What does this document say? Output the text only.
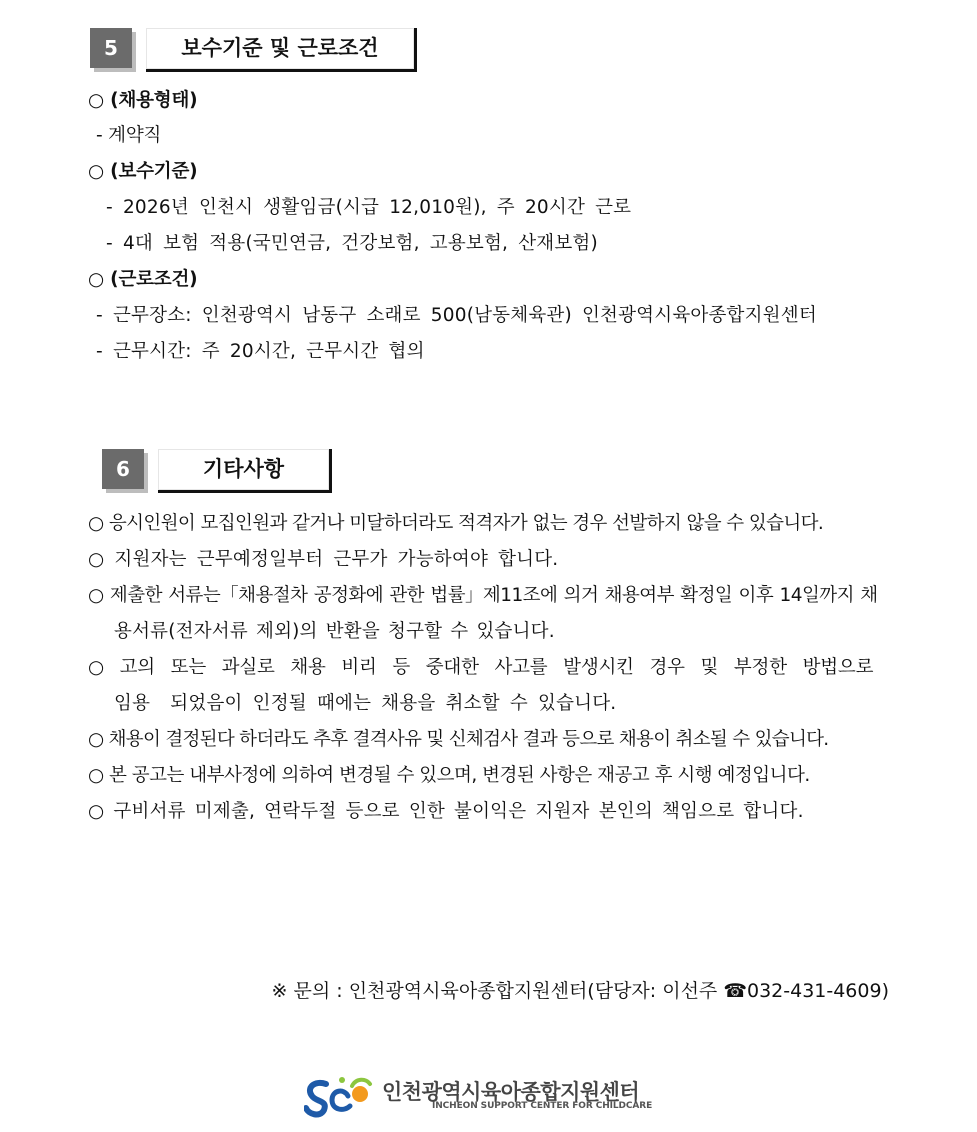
5	보수기준 및 근로조건
○ (채용형태)
- 계약직
○ (보수기준)
- 2026년 인천시 생활임금(시급 12,010원), 주 20시간 근로
- 4대 보험 적용(국민연금, 건강보험, 고용보험, 산재보험)
○ (근로조건)
- 근무장소: 인천광역시 남동구 소래로 500(남동체육관) 인천광역시육아종합지원센터
- 근무시간: 주 20시간, 근무시간 협의
6	기타사항
○ 응시인원이 모집인원과 같거나 미달하더라도 적격자가 없는 경우 선발하지 않을 수 있습니다.
○ 지원자는 근무예정일부터 근무가 가능하여야 합니다.
○ 제출한 서류는「채용절차 공정화에 관한 법률」제11조에 의거 채용여부 확정일 이후 14일까지 채
용서류(전자서류 제외)의 반환을 청구할 수 있습니다.
○ 고의 또는 과실로 채용 비리 등 중대한 사고를 발생시킨 경우 및 부정한 방법으로
임용  되었음이 인정될 때에는 채용을 취소할 수 있습니다.
○ 채용이 결정된다 하더라도 추후 결격사유 및 신체검사 결과 등으로 채용이 취소될 수 있습니다.
○ 본 공고는 내부사정에 의하여 변경될 수 있으며, 변경된 사항은 재공고 후 시행 예정입니다.
○ 구비서류 미제출, 연락두절 등으로 인한 불이익은 지원자 본인의 책임으로 합니다.
※ 문의 : 인천광역시육아종합지원센터(담당자: 이선주 ☎032-431-4609)
인천광역시육아종합지원센터
INCHEON SUPPORT CENTER FOR CHILDCARE
